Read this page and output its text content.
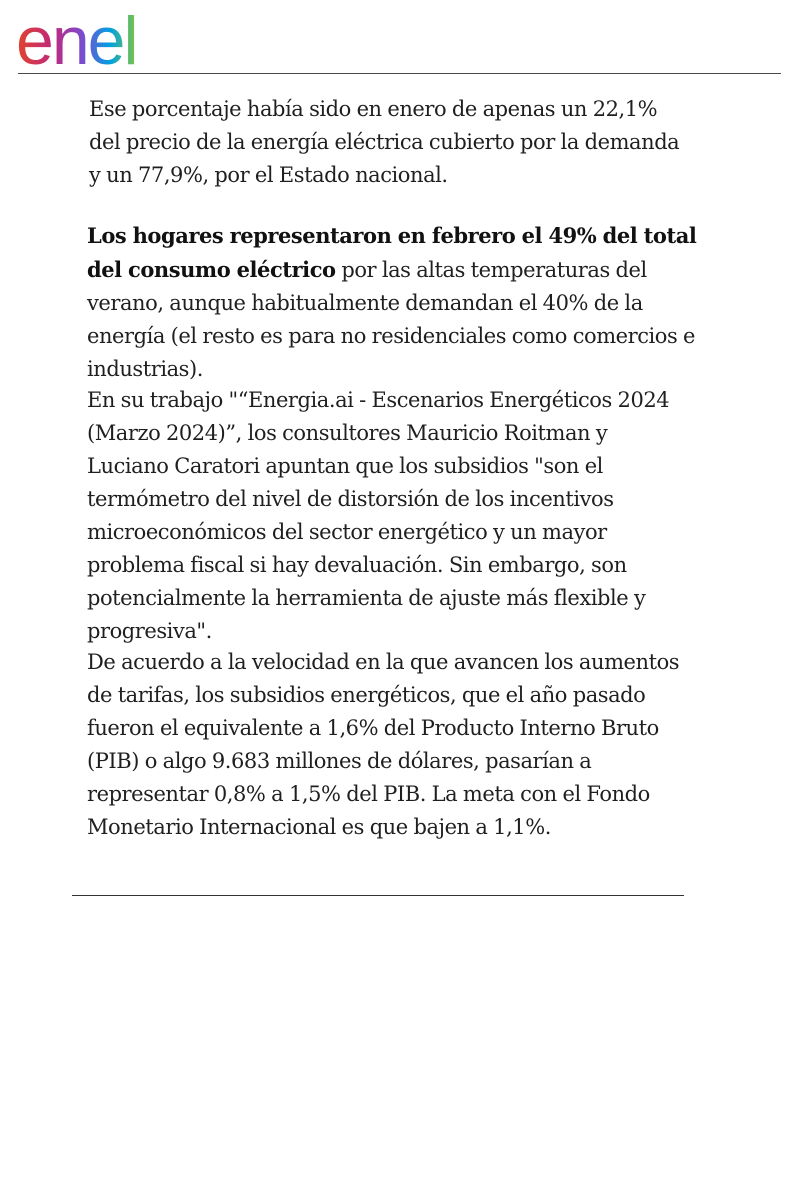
enel

Ese porcentaje había sido en enero de apenas un 22,1% del precio de la energía eléctrica cubierto por la demanda y un 77,9%, por el Estado nacional.

Los hogares representaron en febrero el 49% del total del consumo eléctrico por las altas temperaturas del verano, aunque habitualmente demandan el 40% de la energía (el resto es para no residenciales como comercios e industrias).

En su trabajo "“Energia.ai - Escenarios Energéticos 2024 (Marzo 2024)”, los consultores Mauricio Roitman y Luciano Caratori apuntan que los subsidios "son el termómetro del nivel de distorsión de los incentivos microeconómicos del sector energético y un mayor problema fiscal si hay devaluación. Sin embargo, son potencialmente la herramienta de ajuste más flexible y progresiva".

De acuerdo a la velocidad en la que avancen los aumentos de tarifas, los subsidios energéticos, que el año pasado fueron el equivalente a 1,6% del Producto Interno Bruto (PIB) o algo 9.683 millones de dólares, pasarían a representar 0,8% a 1,5% del PIB. La meta con el Fondo Monetario Internacional es que bajen a 1,1%.
